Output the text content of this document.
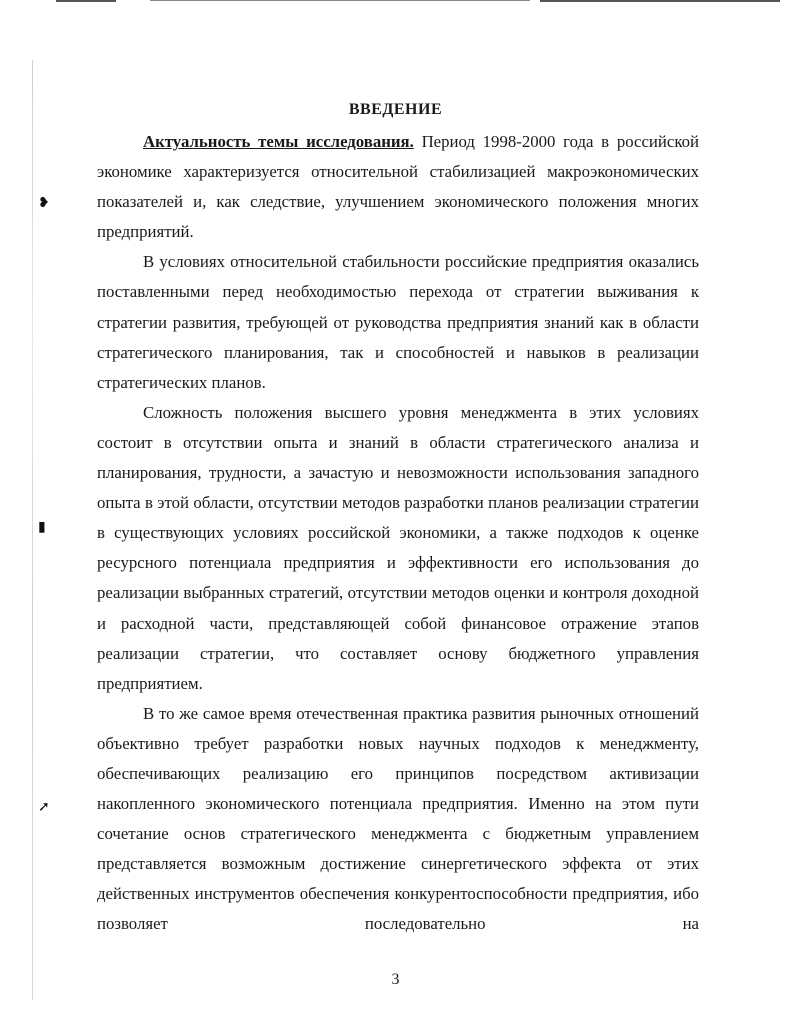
❥
▮
➚
ВВЕДЕНИЕ

Актуальность темы исследования. Период 1998-2000 года в российской экономике характеризуется относительной стабилизацией макроэкономических показателей и, как следствие, улучшением экономического положения многих предприятий.

В условиях относительной стабильности российские предприятия оказались поставленными перед необходимостью перехода от стратегии выживания к стратегии развития, требующей от руководства предприятия знаний как в области стратегического планирования, так и способностей и навыков в реализации стратегических планов.

Сложность положения высшего уровня менеджмента в этих условиях состоит в отсутствии опыта и знаний в области стратегического анализа и планирования, трудности, а зачастую и невозможности использования западного опыта в этой области, отсутствии методов разработки планов реализации стратегии в существующих условиях российской экономики, а также подходов к оценке ресурсного потенциала предприятия и эффективности его использования до реализации выбранных стратегий, отсутствии методов оценки и контроля доходной и расходной части, представляющей собой финансовое отражение этапов реализации стратегии, что составляет основу бюджетного управления предприятием.

В то же самое время отечественная практика развития рыночных отношений объективно требует разработки новых научных подходов к менеджменту, обеспечивающих реализацию его принципов посредством активизации накопленного экономического потенциала предприятия. Именно на этом пути сочетание основ стратегического менеджмента с бюджетным управлением представляется возможным достижение синергетического эффекта от этих действенных инструментов обеспечения конкурентоспособности предприятия, ибо позволяет последовательно на

3
